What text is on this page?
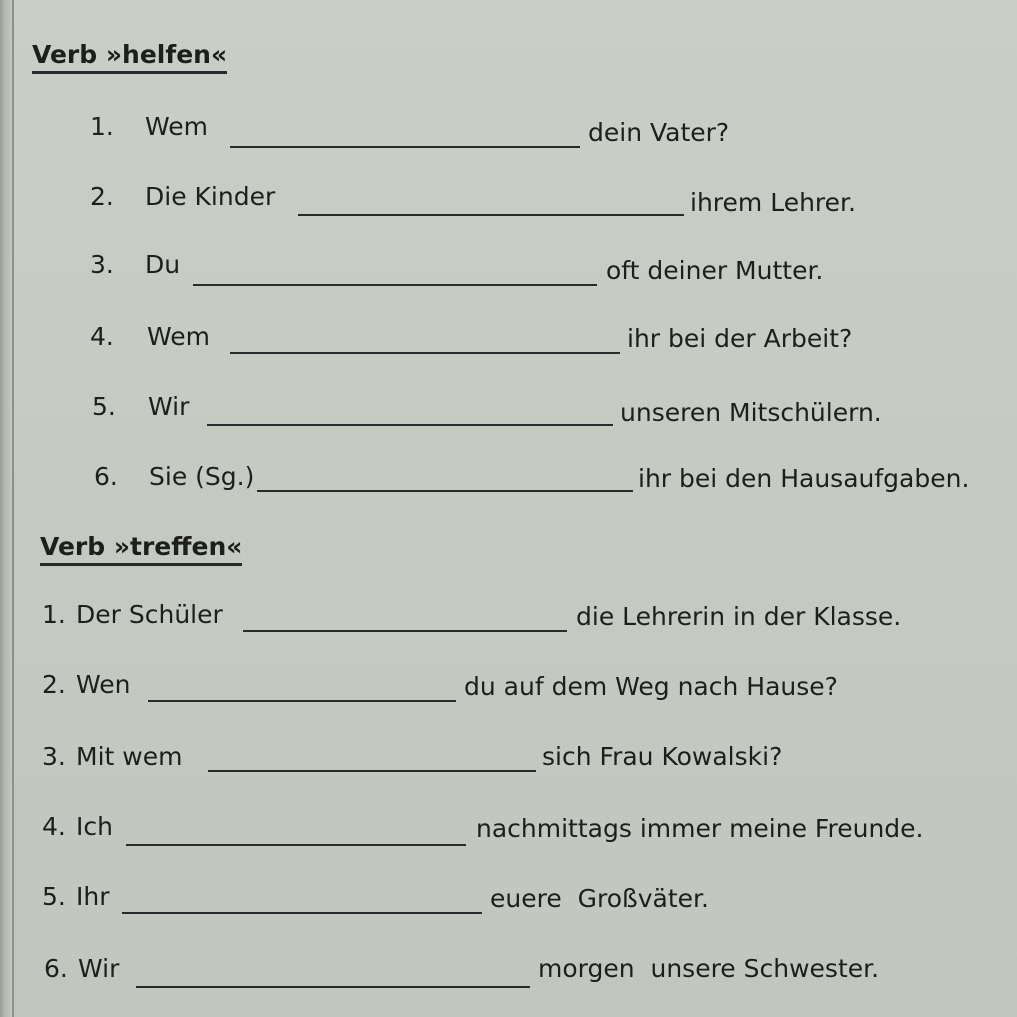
Verb »helfen«
1. Wem	dein Vater?
2. Die Kinder	ihrem Lehrer.
3. Du	oft deiner Mutter.
4. Wem	ihr bei der Arbeit?
5. Wir	unseren Mitschülern.
6. Sie (Sg.)	ihr bei den Hausaufgaben.
Verb »treffen«
1. Der Schüler	die Lehrerin in der Klasse.
2. Wen	du auf dem Weg nach Hause?
3. Mit wem	sich Frau Kowalski?
4. Ich	nachmittags immer meine Freunde.
5. Ihr	euere  Großväter.
6. Wir	morgen  unsere Schwester.
